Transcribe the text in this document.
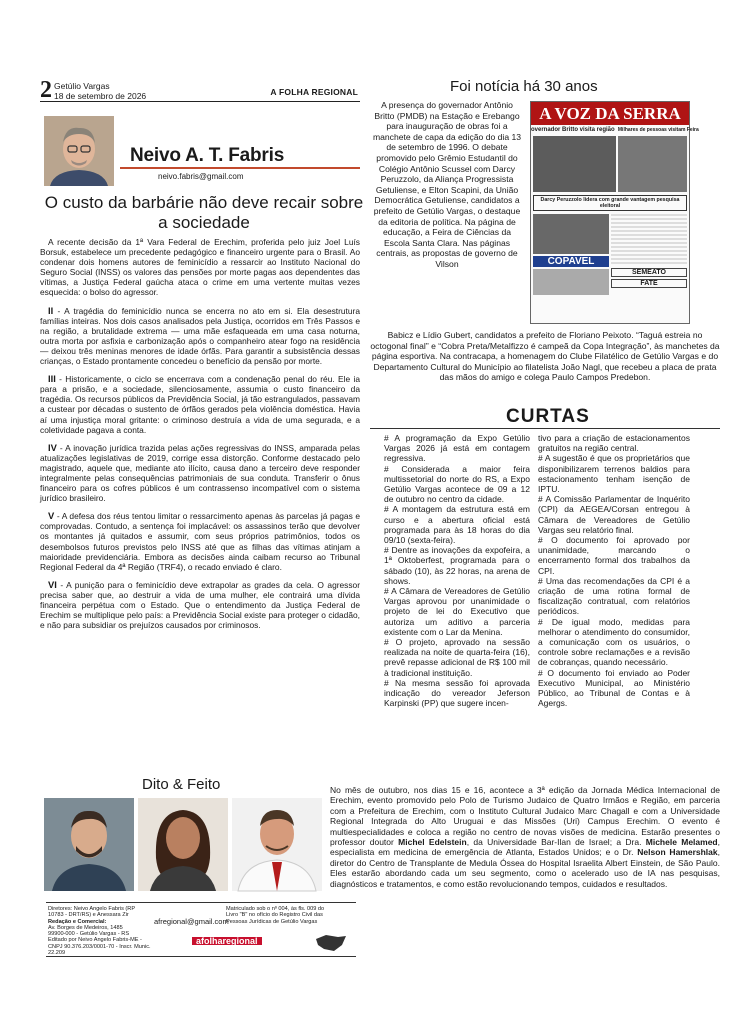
2 Getúlio Vargas
18 de setembro de 2026	A FOLHA REGIONAL
Neivo A. T. Fabris
neivo.fabris@gmail.com
O custo da barbárie não deve recair sobre a sociedade

A recente decisão da 1ª Vara Federal de Erechim, proferida pelo juiz Joel Luís Borsuk, estabelece um precedente pedagógico e financeiro urgente para o Brasil. Ao condenar dois homens autores de feminicídio a ressarcir ao Instituto Nacional do Seguro Social (INSS) os valores das pensões por morte pagas aos dependentes das vítimas, a Justiça Federal gaúcha ataca o crime em uma vertente muitas vezes esquecida: o bolso do agressor.

II - A tragédia do feminicídio nunca se encerra no ato em si. Ela desestrutura famílias inteiras. Nos dois casos analisados pela Justiça, ocorridos em Três Passos e na região, a brutalidade extrema — uma mãe esfaqueada em uma casa noturna, outra morta por asfixia e carbonização após o companheiro atear fogo na residência — deixou três meninas menores de idade órfãs. Para garantir a subsistência dessas crianças, o Estado prontamente concedeu o benefício da pensão por morte.

III - Historicamente, o ciclo se encerrava com a condenação penal do réu. Ele ia para a prisão, e a sociedade, silenciosamente, assumia o custo financeiro da tragédia. Os recursos públicos da Previdência Social, já tão estrangulados, passavam a custear por décadas o sustento de órfãos gerados pela violência doméstica. Havia aí uma injustiça moral gritante: o criminoso destruía a vida de uma segurada, e a coletividade pagava a conta.

IV - A inovação jurídica trazida pelas ações regressivas do INSS, amparada pelas atualizações legislativas de 2019, corrige essa distorção. Conforme destacado pelo magistrado, aquele que, mediante ato ilícito, causa dano a terceiro deve responder integralmente pelas consequências patrimoniais de sua conduta. Transferir o ônus financeiro para os cofres públicos é um contrassenso incompatível com o sistema jurídico brasileiro.

V - A defesa dos réus tentou limitar o ressarcimento apenas às parcelas já pagas e comprovadas. Contudo, a sentença foi implacável: os assassinos terão que devolver os montantes já quitados e assumir, com seus próprios patrimônios, todos os desembolsos futuros previstos pelo INSS até que as filhas das vítimas atinjam a maioridade previdenciária. Embora as decisões ainda caibam recurso ao Tribunal Regional Federal da 4ª Região (TRF4), o recado enviado é claro.

VI - A punição para o feminicídio deve extrapolar as grades da cela. O agressor precisa saber que, ao destruir a vida de uma mulher, ele contrairá uma dívida financeira perpétua com o Estado. Que o entendimento da Justiça Federal de Erechim se multiplique pelo país: a Previdência Social existe para proteger o cidadão, e não para subsidiar os prejuízos causados por criminosos.

Foi notícia há 30 anos
A presença do governador Antônio Britto (PMDB) na Estação e Erebango para inauguração de obras foi a manchete de capa da edição do dia 13 de setembro de 1996. O debate promovido pelo Grêmio Estudantil do Colégio Antônio Scussel com Darcy Peruzzolo, da Aliança Progressista Getuliense, e Elton Scapini, da União Democrática Getuliense, candidatos a prefeito de Getúlio Vargas, o destaque da editoria de política. Na página de educação, a Feira de Ciências da Escola Santa Clara. Nas páginas centrais, as propostas de governo de Vilson
A VOZ DA SERRA
overnador Britto visita região Milhares de pessoas visitam Feira
Darcy Peruzzolo lidera com grande vantagem pesquisa eleitoral
COPAVEL
SEMEATO
FATE
Babicz e Lídio Gubert, candidatos a prefeito de Floriano Peixoto. “Taguá estreia no octogonal final” e “Cobra Preta/Metalfizzo é campeã da Copa Integração”, às manchetes da página esportiva. Na contracapa, a homenagem do Clube Filatélico de Getúlio Vargas e do Departamento Cultural do Município ao filatelista João Nagl, que recebeu a placa de prata das mãos do amigo e colega Paulo Campos Predebon.
CURTAS

# A programação da Expo Getúlio Vargas 2026 já está em contagem regressiva.

# Considerada a maior feira multissetorial do norte do RS, a Expo Getúlio Vargas acontece de 09 a 12 de outubro no centro da cidade.

# A montagem da estrutura está em curso e a abertura oficial está programada para às 18 horas do dia 09/10 (sexta-feira).

# Dentre as inovações da expofeira, a 1ª Oktoberfest, programada para o sábado (10), às 22 horas, na arena de shows.

# A Câmara de Vereadores de Getúlio Vargas aprovou por unanimidade o projeto de lei do Executivo que autoriza um aditivo a parceria existente com o Lar da Menina.

# O projeto, aprovado na sessão realizada na noite de quarta-feira (16), prevê repasse adicional de R$ 100 mil à tradicional instituição.

# Na mesma sessão foi aprovada indicação do vereador Jeferson Karpinski (PP) que sugere incen-

tivo para a criação de estacionamentos gratuitos na região central.

# A sugestão é que os proprietários que disponibilizarem terrenos baldios para estacionamento tenham isenção de IPTU.

# A Comissão Parlamentar de Inquérito (CPI) da AEGEA/Corsan entregou à Câmara de Vereadores de Getúlio Vargas seu relatório final.

# O documento foi aprovado por unanimidade, marcando o encerramento formal dos trabalhos da CPI.

# Uma das recomendações da CPI é a criação de uma rotina formal de fiscalização contratual, com relatórios periódicos.

# De igual modo, medidas para melhorar o atendimento do consumidor, a comunicação com os usuários, o controle sobre reclamações e a revisão de cobranças, quando necessário.

# O documento foi enviado ao Poder Executivo Municipal, ao Ministério Público, ao Tribunal de Contas e à Agergs.

Dito & Feito	No mês de outubro, nos dias 15 e 16, acontece a 3ª edição da Jornada Médica Internacional de Erechim, evento promovido pelo Polo de Turismo Judaico de Quatro Irmãos e Região, em parceria com a Prefeitura de Erechim, com o Instituto Cultural Judaico Marc Chagall e com a Universidade Regional Integrada do Alto Uruguai e das Missões (Uri) Campus Erechim. O evento é multiespecialidades e coloca a região no centro de novas visões de medicina. Estarão presentes o professor doutor Michel Edelstein, da Universidade Bar-Ilan de Israel; a Dra. Michele Melamed, especialista em medicina de emergência de Atlanta, Estados Unidos; e o Dr. Nelson Hamershlak, diretor do Centro de Transplante de Medula Óssea do Hospital Israelita Albert Einstein, de São Paulo. Eles estarão abordando cada um seu segmento, como o acelerado uso de IA nas pesquisas, diagnósticos e tratamentos, e como estão revolucionando tempos, cuidados e resultados.
Diretores: Neivo Angelo Fabris (RP 10783 - DRT/RS) e Anessara Zir
Redação e Comercial:
Av. Borges de Medeiros, 1485
99900-000 - Getúlio Vargas - RS
Editado por Neivo Angelo Fabris-ME - CNPJ 90.376.203/0001-70 - Inscr. Munic. 22.209
afregional@gmail.com
Matriculado sob o nº 004, às fls. 009 do Livro "B" no ofício do Registro Civil das Pessoas Jurídicas de Getúlio Vargas
afolharegional
